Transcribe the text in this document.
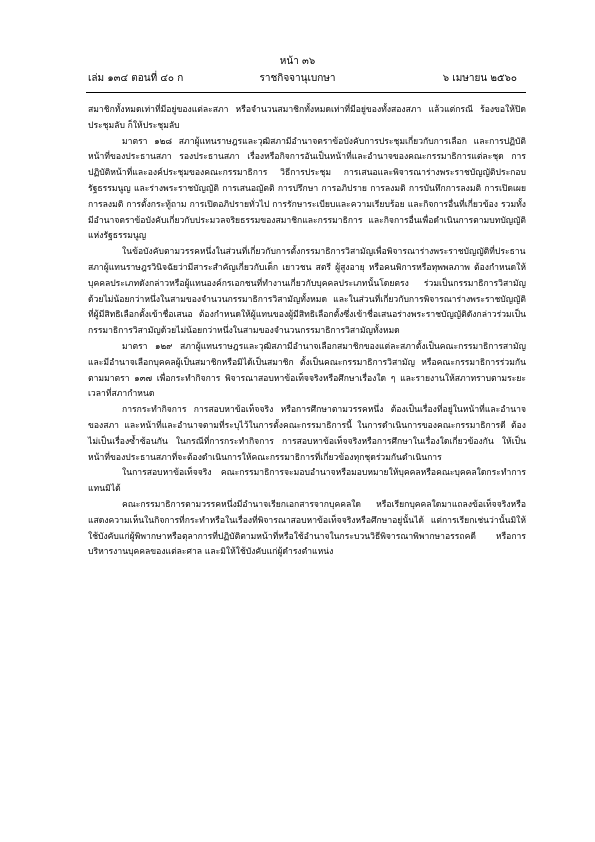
หน้า ๓๖
เล่ม ๑๓๔ ตอนที่ ๔๐ ก	ราชกิจจานุเบกษา	๖ เมษายน ๒๕๖๐

สมาชิกทั้งหมดเท่าที่มีอยู่ของแต่ละสภา หรือจำนวนสมาชิกทั้งหมดเท่าที่มีอยู่ของทั้งสองสภา แล้วแต่กรณี ร้องขอให้ปิดประชุมลับ ก็ให้ประชุมลับ

มาตรา ๑๒๘ สภาผู้แทนราษฎรและวุฒิสภามีอำนาจตราข้อบังคับการประชุมเกี่ยวกับการเลือก และการปฏิบัติหน้าที่ของประธานสภา รองประธานสภา เรื่องหรือกิจการอันเป็นหน้าที่และอำนาจของคณะกรรมาธิการแต่ละชุด การปฏิบัติหน้าที่และองค์ประชุมของคณะกรรมาธิการ วิธีการประชุม การเสนอและพิจารณาร่างพระราชบัญญัติประกอบรัฐธรรมนูญ และร่างพระราชบัญญัติ การเสนอญัตติ การปรึกษา การอภิปราย การลงมติ การบันทึกการลงมติ การเปิดเผยการลงมติ การตั้งกระทู้ถาม การเปิดอภิปรายทั่วไป การรักษาระเบียบและความเรียบร้อย และกิจการอื่นที่เกี่ยวข้อง รวมทั้งมีอำนาจตราข้อบังคับเกี่ยวกับประมวลจริยธรรมของสมาชิกและกรรมาธิการ และกิจการอื่นเพื่อดำเนินการตามบทบัญญัติแห่งรัฐธรรมนูญ

ในข้อบังคับตามวรรคหนึ่งในส่วนที่เกี่ยวกับการตั้งกรรมาธิการวิสามัญเพื่อพิจารณาร่างพระราชบัญญัติที่ประธานสภาผู้แทนราษฎรวินิจฉัยว่ามีสาระสำคัญเกี่ยวกับเด็ก เยาวชน สตรี ผู้สูงอายุ หรือคนพิการหรือทุพพลภาพ ต้องกำหนดให้บุคคลประเภทดังกล่าวหรือผู้แทนองค์กรเอกชนที่ทำงานเกี่ยวกับบุคคลประเภทนั้นโดยตรง ร่วมเป็นกรรมาธิการวิสามัญด้วยไม่น้อยกว่าหนึ่งในสามของจำนวนกรรมาธิการวิสามัญทั้งหมด และในส่วนที่เกี่ยวกับการพิจารณาร่างพระราชบัญญัติที่ผู้มีสิทธิเลือกตั้งเข้าชื่อเสนอ ต้องกำหนดให้ผู้แทนของผู้มีสิทธิเลือกตั้งซึ่งเข้าชื่อเสนอร่างพระราชบัญญัติดังกล่าวร่วมเป็นกรรมาธิการวิสามัญด้วยไม่น้อยกว่าหนึ่งในสามของจำนวนกรรมาธิการวิสามัญทั้งหมด

มาตรา ๑๒๙ สภาผู้แทนราษฎรและวุฒิสภามีอำนาจเลือกสมาชิกของแต่ละสภาตั้งเป็นคณะกรรมาธิการสามัญ และมีอำนาจเลือกบุคคลผู้เป็นสมาชิกหรือมิได้เป็นสมาชิก ตั้งเป็นคณะกรรมาธิการวิสามัญ หรือคณะกรรมาธิการร่วมกันตามมาตรา ๑๓๗ เพื่อกระทำกิจการ พิจารณาสอบหาข้อเท็จจริงหรือศึกษาเรื่องใด ๆ และรายงานให้สภาทราบตามระยะเวลาที่สภากำหนด

การกระทำกิจการ การสอบหาข้อเท็จจริง หรือการศึกษาตามวรรคหนึ่ง ต้องเป็นเรื่องที่อยู่ในหน้าที่และอำนาจของสภา และหน้าที่และอำนาจตามที่ระบุไว้ในการตั้งคณะกรรมาธิการนี้ ในการดำเนินการของคณะกรรมาธิการดี ต้องไม่เป็นเรื่องซ้ำซ้อนกัน ในกรณีที่การกระทำกิจการ การสอบหาข้อเท็จจริงหรือการศึกษาในเรื่องใดเกี่ยวข้องกัน ให้เป็นหน้าที่ของประธานสภาที่จะต้องดำเนินการให้คณะกรรมาธิการที่เกี่ยวข้องทุกชุดร่วมกันดำเนินการ

ในการสอบหาข้อเท็จจริง คณะกรรมาธิการจะมอบอำนาจหรือมอบหมายให้บุคคลหรือคณะบุคคลใดกระทำการแทนมิได้

คณะกรรมาธิการตามวรรคหนึ่งมีอำนาจเรียกเอกสารจากบุคคลใด หรือเรียกบุคคลใดมาแถลงข้อเท็จจริงหรือแสดงความเห็นในกิจการที่กระทำหรือในเรื่องที่พิจารณาสอบหาข้อเท็จจริงหรือศึกษาอยู่นั้นได้ แต่การเรียกเช่นว่านั้นมิให้ใช้บังคับแก่ผู้พิพากษาหรือตุลาการที่ปฏิบัติตามหน้าที่หรือใช้อำนาจในกระบวนวิธีพิจารณาพิพากษาอรรถคดี หรือการบริหารงานบุคคลของแต่ละศาล และมิให้ใช้บังคับแก่ผู้ดำรงตำแหน่ง
